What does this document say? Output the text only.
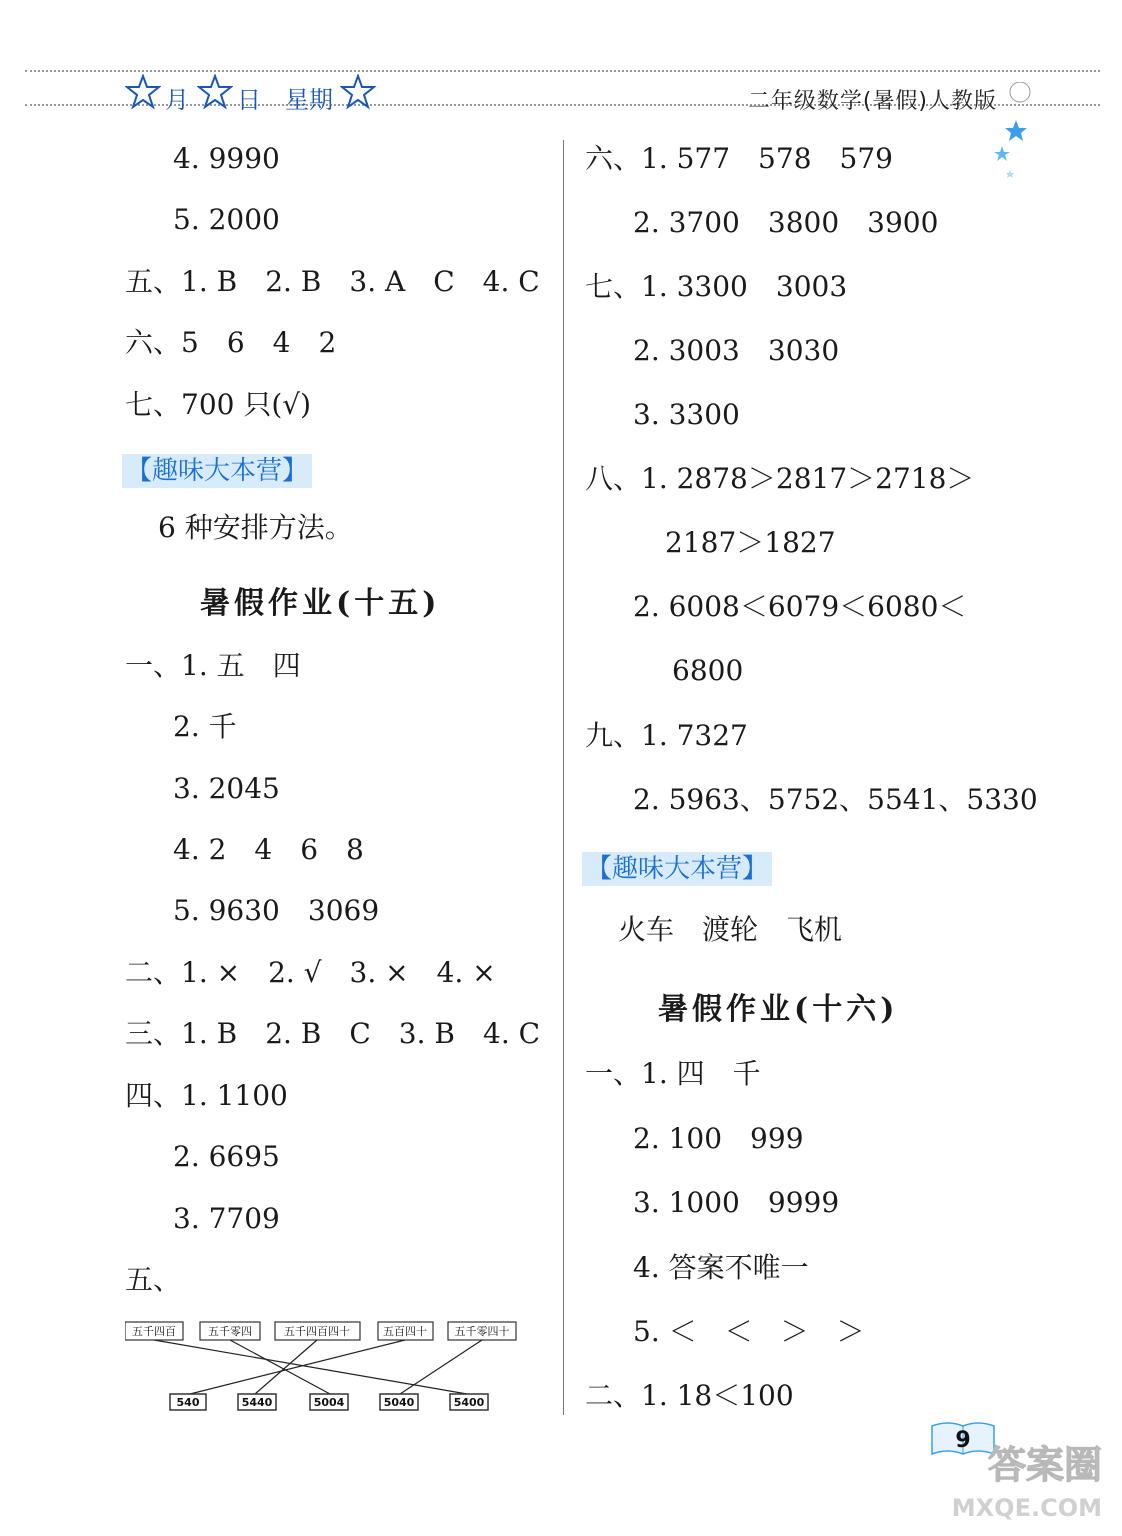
月 日 星期	二年级数学(暑假)人教版
4. 9990
5. 2000
五、1. B　2. B　3. A　C　4. C
六、5　6　4　2
七、700 只(√)
【趣味大本营】
6 种安排方法。
暑假作业(十五)
一、1. 五　四
2. 千
3. 2045
4. 2　4　6　8
5. 9630　3069
二、1. ×　2. √　3. ×　4. ×
三、1. B　2. B　C　3. B　4. C
四、1. 1100
2. 6695
3. 7709
五、
五千四百	五千零四	五千四百四十	五百四十	五千零四十
540	5440	5004	5040	5400
六、1. 577　578　579
2. 3700　3800　3900
七、1. 3300　3003
2. 3003　3030
3. 3300
八、1. 2878＞2817＞2718＞
2187＞1827
2. 6008＜6079＜6080＜
6800
九、1. 7327
2. 5963、5752、5541、5330
【趣味大本营】
火车　渡轮　飞机
暑假作业(十六)
一、1. 四　千
2. 100　999
3. 1000　9999
4. 答案不唯一
5. ＜　＜　＞　＞
二、1. 18＜100
9
答案圈
MXQE.COM
